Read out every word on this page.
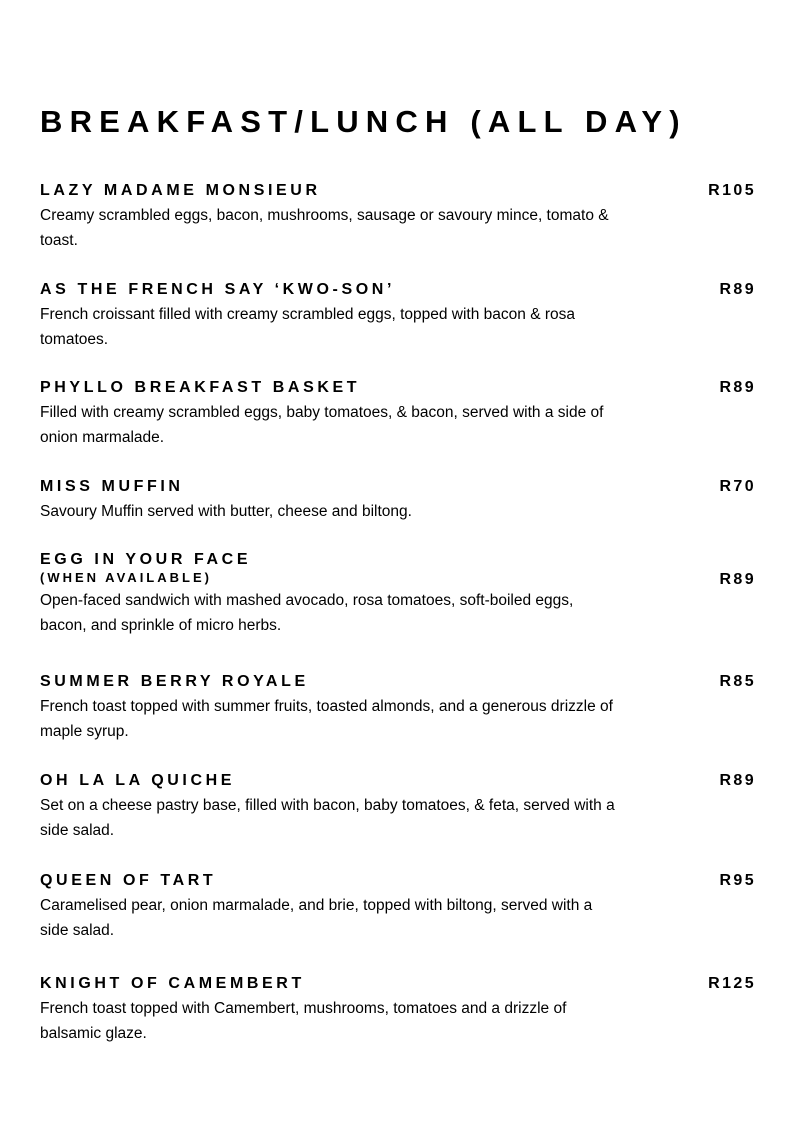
BREAKFAST/LUNCH (ALL DAY)
LAZY MADAME MONSIEUR	R105
Creamy scrambled eggs, bacon, mushrooms, sausage or savoury mince, tomato & toast.
AS THE FRENCH SAY ‘KWO-SON’	R89
French croissant filled with creamy scrambled eggs, topped with bacon & rosa tomatoes.
PHYLLO BREAKFAST BASKET	R89
Filled with creamy scrambled eggs, baby tomatoes, & bacon, served with a side of onion marmalade.
MISS MUFFIN	R70
Savoury Muffin served with butter, cheese and biltong.
EGG IN YOUR FACE
(WHEN AVAILABLE)	R89
Open-faced sandwich with mashed avocado, rosa tomatoes, soft-boiled eggs, bacon, and sprinkle of micro herbs.
SUMMER BERRY ROYALE	R85
French toast topped with summer fruits, toasted almonds, and a generous drizzle of maple syrup.
OH LA LA QUICHE	R89
Set on a cheese pastry base, filled with bacon, baby tomatoes, & feta, served with a side salad.
QUEEN OF TART	R95
Caramelised pear, onion marmalade, and brie, topped with biltong, served with a side salad.
KNIGHT OF CAMEMBERT	R125
French toast topped with Camembert, mushrooms, tomatoes and a drizzle of balsamic glaze.
